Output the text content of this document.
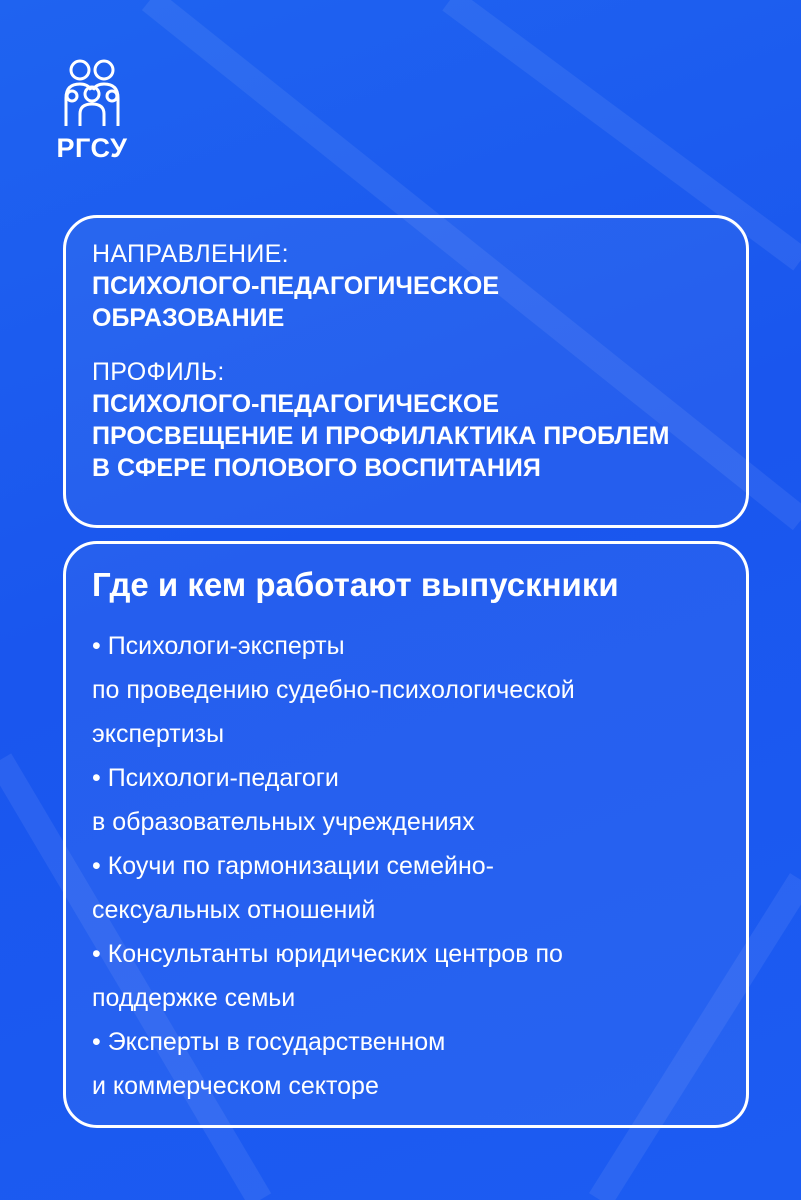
РГСУ
НАПРАВЛЕНИЕ:
ПСИХОЛОГО-ПЕДАГОГИЧЕСКОЕ
ОБРАЗОВАНИЕ
ПРОФИЛЬ:
ПСИХОЛОГО-ПЕДАГОГИЧЕСКОЕ
ПРОСВЕЩЕНИЕ И ПРОФИЛАКТИКА ПРОБЛЕМ
В СФЕРЕ ПОЛОВОГО ВОСПИТАНИЯ
Где и кем работают выпускники
• Психологи-эксперты
по проведению судебно-психологической
экспертизы
• Психологи-педагоги
в образовательных учреждениях
• Коучи по гармонизации семейно-
сексуальных отношений
• Консультанты юридических центров по
поддержке семьи
• Эксперты в государственном
и коммерческом секторе
